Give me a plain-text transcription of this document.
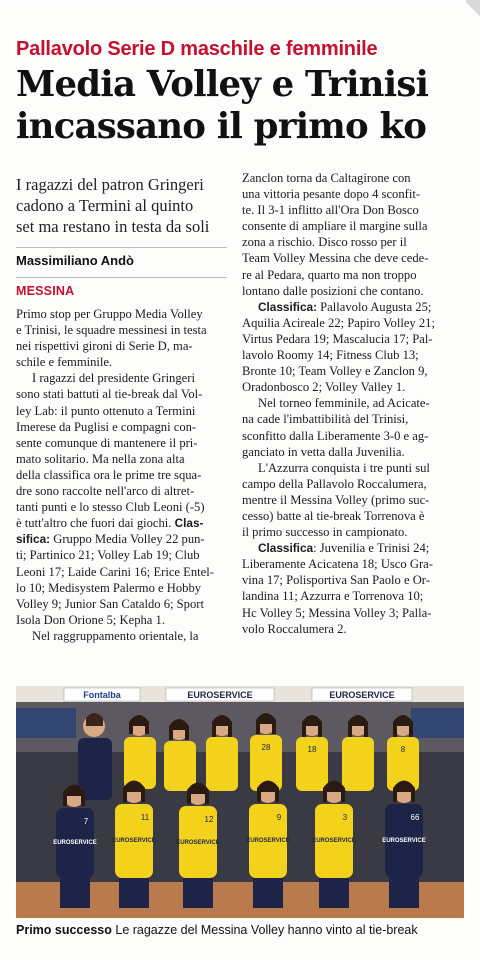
Pallavolo Serie D maschile e femminile
Media Volley e Trinisi
incassano il primo ko
I ragazzi del patron Gringeri
cadono a Termini al quinto
set ma restano in testa da soli
Massimiliano Andò
MESSINA
Primo stop per Gruppo Media Volley
e Trinisi, le squadre messinesi in testa
nei rispettivi gironi di Serie D, ma-
schile e femminile.
I ragazzi del presidente Gringeri
sono stati battuti al tie-break dal Vol-
ley Lab: il punto ottenuto a Termini
Imerese da Puglisi e compagni con-
sente comunque di mantenere il pri-
mato solitario. Ma nella zona alta
della classifica ora le prime tre squa-
dre sono raccolte nell'arco di altret-
tanti punti e lo stesso Club Leoni (-5)
è tutt'altro che fuori dai giochi. Clas-
sifica: Gruppo Media Volley 22 pun-
ti; Partinico 21; Volley Lab 19; Club
Leoni 17; Laide Carini 16; Erice Entel-
lo 10; Medisystem Palermo e Hobby
Volley 9; Junior San Cataldo 6; Sport
Isola Don Orione 5; Kepha 1.
Nel raggruppamento orientale, la
Zanclon torna da Caltagirone con
una vittoria pesante dopo 4 sconfit-
te. Il 3-1 inflitto all'Ora Don Bosco
consente di ampliare il margine sulla
zona a rischio. Disco rosso per il
Team Volley Messina che deve cede-
re al Pedara, quarto ma non troppo
lontano dalle posizioni che contano.
Classifica: Pallavolo Augusta 25;
Aquilia Acireale 22; Papiro Volley 21;
Virtus Pedara 19; Mascalucia 17; Pal-
lavolo Roomy 14; Fitness Club 13;
Bronte 10; Team Volley e Zanclon 9,
Oradonbosco 2; Volley Valley 1.
Nel torneo femminile, ad Acicate-
na cade l'imbattibilità del Trinisi,
sconfitto dalla Liberamente 3-0 e ag-
ganciato in vetta dalla Juvenilia.
L'Azzurra conquista i tre punti sul
campo della Pallavolo Roccalumera,
mentre il Messina Volley (primo suc-
cesso) batte al tie-break Torrenova è
il primo successo in campionato.
Classifica: Juvenilia e Trinisi 24;
Liberamente Acicatena 18; Usco Gra-
vina 17; Polisportiva San Paolo e Or-
landina 11; Azzurra e Torrenova 10;
Hc Volley 5; Messina Volley 3; Palla-
volo Roccalumera 2.
Fontalba	EUROSERVICE	EUROSERVICE
28	18	8
7
EUROSERVICE
11
EUROSERVICE
12
EUROSERVICE
9
EUROSERVICE
3
EUROSERVICE
66
EUROSERVICE
Primo successo Le ragazze del Messina Volley hanno vinto al tie-break
